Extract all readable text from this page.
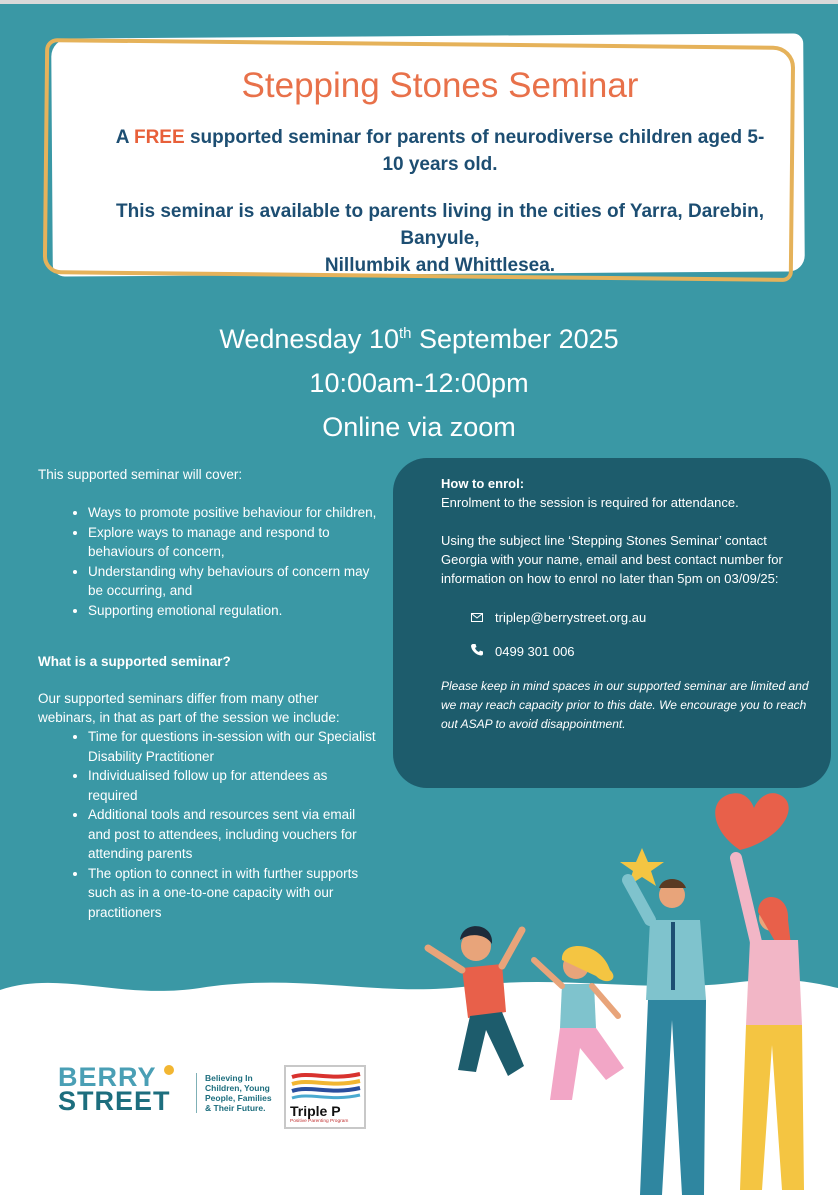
Stepping Stones Seminar

A FREE supported seminar for parents of neurodiverse children aged 5-
10 years old.

This seminar is available to parents living in the cities of Yarra, Darebin, Banyule,
Nillumbik and Whittlesea.

Wednesday 10th September 2025
10:00am-12:00pm
Online via zoom

This supported seminar will cover:

• Ways to promote positive behaviour for children,
• Explore ways to manage and respond to behaviours of concern,
• Understanding why behaviours of concern may be occurring, and
• Supporting emotional regulation.

What is a supported seminar?

Our supported seminars differ from many other webinars, in that as part of the session we include:

• Time for questions in-session with our Specialist Disability Practitioner
• Individualised follow up for attendees as required
• Additional tools and resources sent via email and post to attendees, including vouchers for attending parents
• The option to connect in with further supports such as in a one-to-one capacity with our practitioners

How to enrol:

Enrolment to the session is required for attendance.

Using the subject line ‘Stepping Stones Seminar’ contact Georgia with your name, email and best contact number for information on how to enrol no later than 5pm on 03/09/25:

triplep@berrystreet.org.au
0499 301 006

Please keep in mind spaces in our supported seminar are limited and we may reach capacity prior to this date. We encourage you to reach out ASAP to avoid disappointment.

BERRY
STREET
Believing In Children, Young People, Families & Their Future.	Triple P
Positive Parenting Program
